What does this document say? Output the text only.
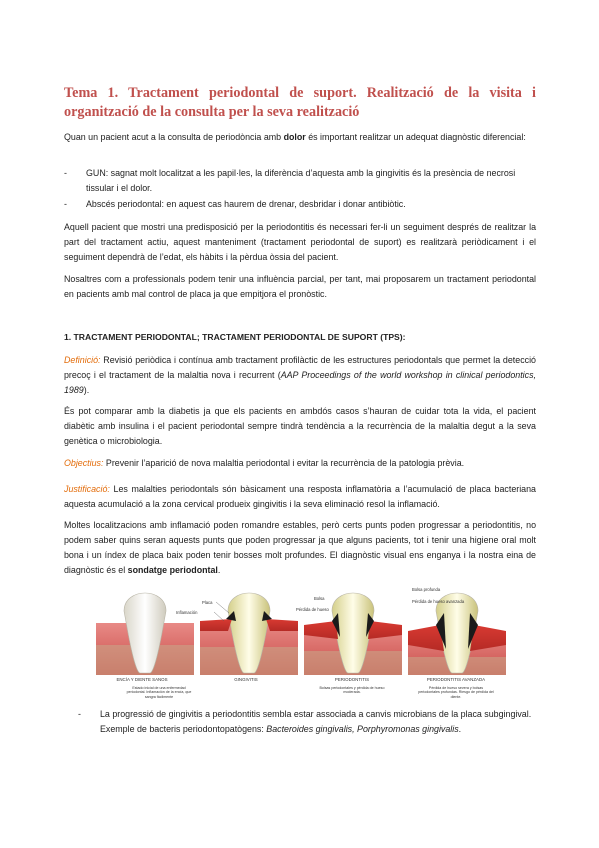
Tema 1. Tractament periodontal de suport. Realització de la visita i organització de la consulta per la seva realització

Quan un pacient acut a la consulta de periodòncia amb dolor és important realitzar un adequat diagnòstic diferencial:

- GUN: sagnat molt localitzat a les papil·les, la diferència d’aquesta amb la gingivitis és la presència de necrosi tissular i el dolor.

- Abscés periodontal: en aquest cas haurem de drenar, desbridar i donar antibiòtic.

Aquell pacient que mostri una predisposició per la periodontitis és necessari fer-li un seguiment després de realitzar la part del tractament actiu, aquest manteniment (tractament periodontal de suport) es realitzarà periòdicament i el seguiment dependrà de l’edat, els hàbits i la pèrdua òssia del pacient.

Nosaltres com a professionals podem tenir una influència parcial, per tant, mai proposarem un tractament periodontal en pacients amb mal control de placa ja que empitjora el pronòstic.

1. TRACTAMENT PERIODONTAL; TRACTAMENT PERIODONTAL DE SUPORT (TPS):

Definició: Revisió periòdica i contínua amb tractament profilàctic de les estructures periodontals que permet la detecció precoç i el tractament de la malaltia nova i recurrent (AAP Proceedings of the world workshop in clinical periodontics, 1989).

És pot comparar amb la diabetis ja que els pacients en ambdós casos s’hauran de cuidar tota la vida, el pacient diabètic amb insulina i el pacient periodontal sempre tindrà tendència a la recurrència de la malaltia degut a la seva genètica o microbiologia.

Objectius: Prevenir l’aparició de nova malaltia periodontal i evitar la recurrència de la patologia prèvia.

Justificació: Les malalties periodontals són bàsicament una resposta inflamatòria a l’acumulació de placa bacteriana aquesta acumulació a la zona cervical produeix gingivitis i la seva eliminació resol la inflamació.

Moltes localitzacions amb inflamació poden romandre estables, però certs punts poden progressar a periodontitis, no podem saber quins seran aquests punts que poden progressar ja que alguns pacients, tot i tenir una higiene oral molt bona i un índex de placa baix poden tenir bosses molt profundes. El diagnòstic visual ens enganya i la nostra eina de diagnòstic és el sondatge periodontal.

Placa
Inflamación
Bolsa
Pérdida de hueso
Bolsa profunda
Pérdida de hueso avanzada
ENCÍA Y DIENTE SANOS	GINGIVITIS	PERIODONTITIS	PERIODONTITIS AVANZADA
Estado inicial de una enfermedad periodontal. Inflamación de la encía, que sangra fácilmente
Bolsas periodontales y pérdida de hueso moderada.
Pérdida de hueso severa y bolsas periodontales profundas. Riesgo de pérdida del diente.

- La progressió de gingivitis a periodontitis sembla estar associada a canvis microbians de la placa subgingival. Exemple de bacteris periodontopatògens: Bacteroides gingivalis, Porphyromonas gingivalis.
